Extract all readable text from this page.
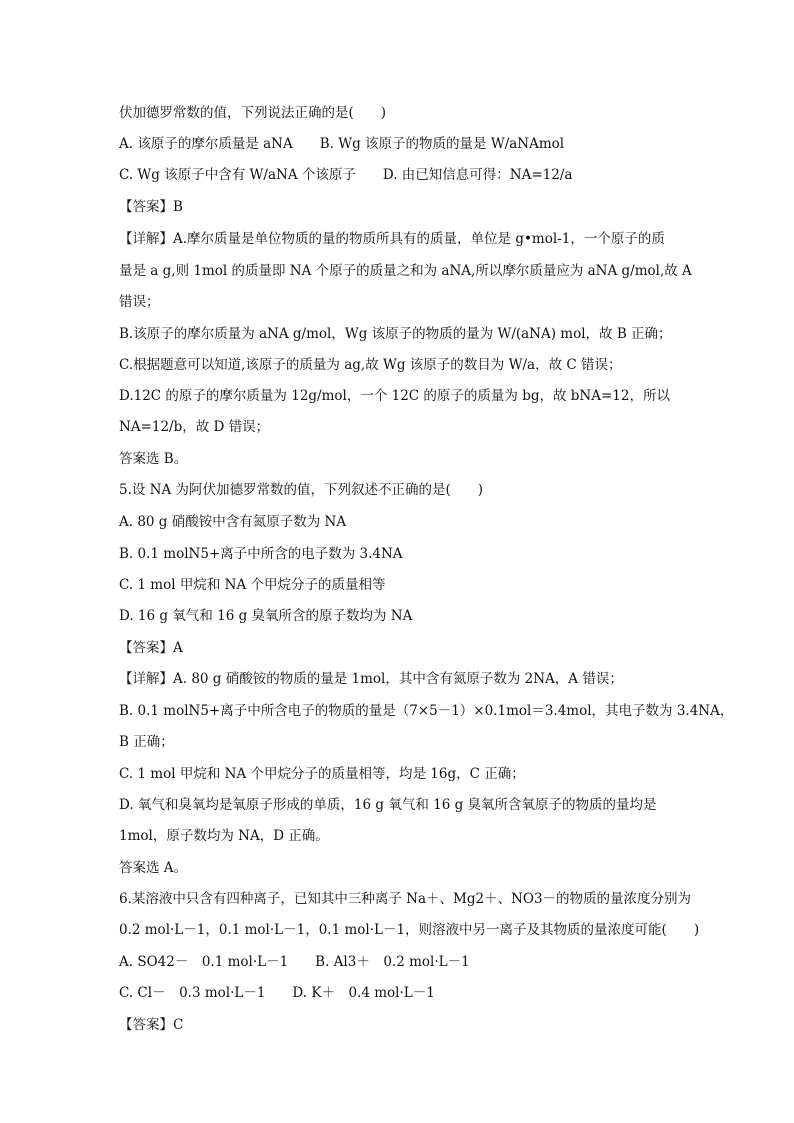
伏加德罗常数的值，下列说法正确的是(　　)
A. 该原子的摩尔质量是 aNA　　B. Wg 该原子的物质的量是 W/aNAmol
C. Wg 该原子中含有 W/aNA 个该原子　　D. 由已知信息可得：NA=12/a
【答案】B
【详解】A.摩尔质量是单位物质的量的物质所具有的质量，单位是 g•mol-1，一个原子的质
量是 a g,则 1mol 的质量即 NA 个原子的质量之和为 aNA,所以摩尔质量应为 aNA g/mol,故 A
错误；
B.该原子的摩尔质量为 aNA g/mol，Wg 该原子的物质的量为 W/(aNA) mol，故 B 正确；
C.根据题意可以知道,该原子的质量为 ag,故 Wg 该原子的数目为 W/a，故 C 错误；
D.12C 的原子的摩尔质量为 12g/mol，一个 12C 的原子的质量为 bg，故 bNA=12，所以
NA=12/b，故 D 错误；
答案选 B。
5.设 NA 为阿伏加德罗常数的值，下列叙述不正确的是(　　)
A. 80 g 硝酸铵中含有氮原子数为 NA
B. 0.1 molN5+离子中所含的电子数为 3.4NA
C. 1 mol 甲烷和 NA 个甲烷分子的质量相等
D. 16 g 氧气和 16 g 臭氧所含的原子数均为 NA
【答案】A
【详解】A. 80 g 硝酸铵的物质的量是 1mol，其中含有氮原子数为 2NA，A 错误；
B. 0.1 molN5+离子中所含电子的物质的量是（7×5－1）×0.1mol＝3.4mol，其电子数为 3.4NA，
B 正确；
C. 1 mol 甲烷和 NA 个甲烷分子的质量相等，均是 16g，C 正确；
D. 氧气和臭氧均是氧原子形成的单质，16 g 氧气和 16 g 臭氧所含氧原子的物质的量均是
1mol，原子数均为 NA，D 正确。
答案选 A。
6.某溶液中只含有四种离子，已知其中三种离子 Na＋、Mg2＋、NO3－的物质的量浓度分别为
0.2 mol·L－1，0.1 mol·L－1，0.1 mol·L－1，则溶液中另一离子及其物质的量浓度可能(　　)
A. SO42－　0.1 mol·L－1　　B. Al3＋　0.2 mol·L－1
C. Cl－　0.3 mol·L－1　　D. K＋　0.4 mol·L－1
【答案】C
